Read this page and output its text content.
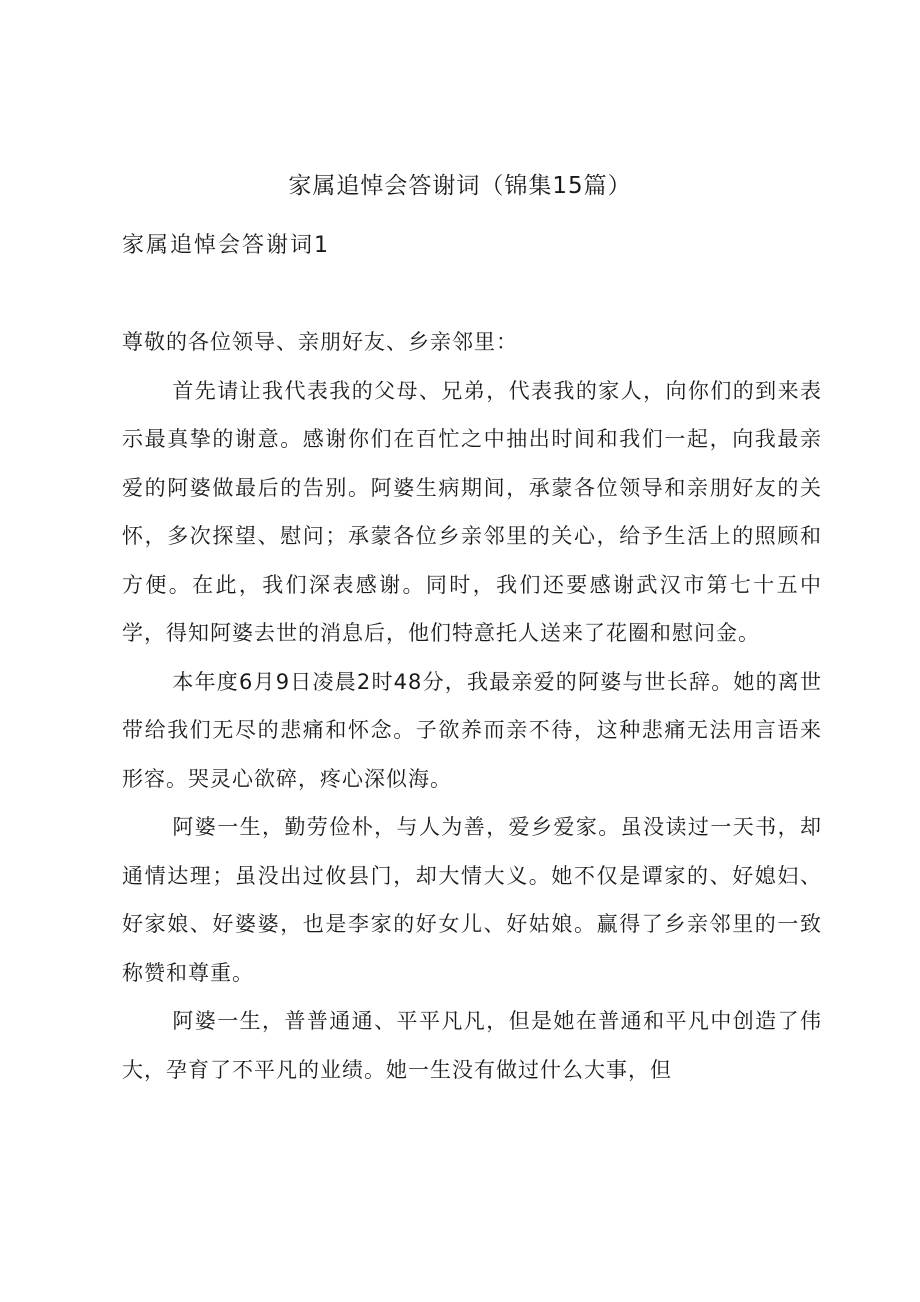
家属追悼会答谢词（锦集15篇）
家属追悼会答谢词1

尊敬的各位领导、亲朋好友、乡亲邻里：

首先请让我代表我的父母、兄弟，代表我的家人，向你们的到来表示最真挚的谢意。感谢你们在百忙之中抽出时间和我们一起，向我最亲爱的阿婆做最后的告别。阿婆生病期间，承蒙各位领导和亲朋好友的关怀，多次探望、慰问；承蒙各位乡亲邻里的关心，给予生活上的照顾和方便。在此，我们深表感谢。同时，我们还要感谢武汉市第七十五中学，得知阿婆去世的消息后，他们特意托人送来了花圈和慰问金。

本年度6月9日凌晨2时48分，我最亲爱的阿婆与世长辞。她的离世带给我们无尽的悲痛和怀念。子欲养而亲不待，这种悲痛无法用言语来形容。哭灵心欲碎，疼心深似海。

阿婆一生，勤劳俭朴，与人为善，爱乡爱家。虽没读过一天书，却通情达理；虽没出过攸县门，却大情大义。她不仅是谭家的、好媳妇、好家娘、好婆婆，也是李家的好女儿、好姑娘。赢得了乡亲邻里的一致称赞和尊重。

阿婆一生，普普通通、平平凡凡，但是她在普通和平凡中创造了伟大，孕育了不平凡的业绩。她一生没有做过什么大事，但
